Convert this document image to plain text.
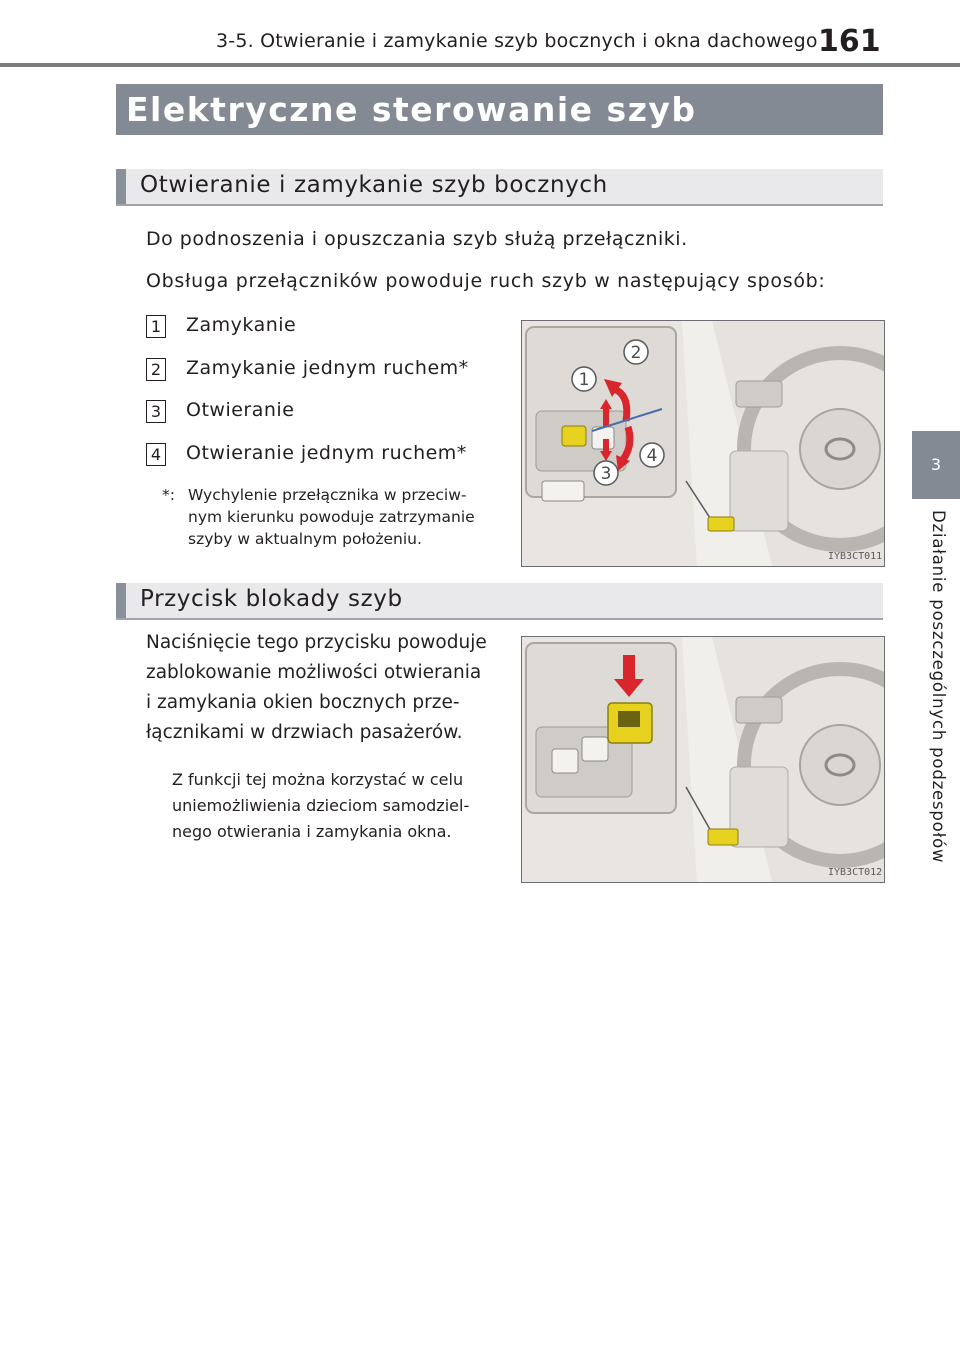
3-5. Otwieranie i zamykanie szyb bocznych i okna dachowego 161
Elektryczne sterowanie szyb
Otwieranie i zamykanie szyb bocznych
Do podnoszenia i opuszczania szyb służą przełączniki.
Obsługa przełączników powoduje ruch szyb w następujący sposób:
1 Zamykanie
2 Zamykanie jednym ruchem*
3 Otwieranie
4 Otwieranie jednym ruchem*
*: Wychylenie przełącznika w przeciw-
nym kierunku powoduje zatrzymanie
szyby w aktualnym położeniu.
1
2
3
4
IYB3CT011
Przycisk blokady szyb
Naciśnięcie tego przycisku powoduje
zablokowanie możliwości otwierania
i zamykania okien bocznych prze-
łącznikami w drzwiach pasażerów.
Z funkcji tej można korzystać w celu
uniemożliwienia dzieciom samodziel-
nego otwierania i zamykania okna.
IYB3CT012
3
Działanie poszczególnych podzespołów
